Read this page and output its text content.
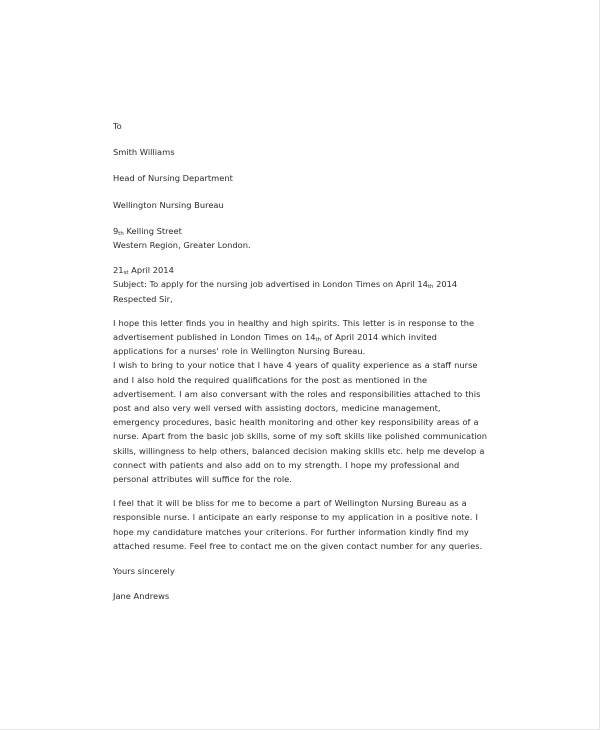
To
Smith Williams
Head of Nursing Department
Wellington Nursing Bureau
9th Kelling Street
Western Region, Greater London.
21st April 2014
Subject: To apply for the nursing job advertised in London Times on April 14th 2014
Respected Sir,
I hope this letter finds you in healthy and high spirits. This letter is in response to the advertisement published in London Times on 14th of April 2014 which invited applications for a nurses' role in Wellington Nursing Bureau.
I wish to bring to your notice that I have 4 years of quality experience as a staff nurse and I also hold the required qualifications for the post as mentioned in the advertisement. I am also conversant with the roles and responsibilities attached to this post and also very well versed with assisting doctors, medicine management, emergency procedures, basic health monitoring and other key responsibility areas of a nurse. Apart from the basic job skills, some of my soft skills like polished communication skills, willingness to help others, balanced decision making skills etc. help me develop a connect with patients and also add on to my strength. I hope my professional and personal attributes will suffice for the role.
I feel that it will be bliss for me to become a part of Wellington Nursing Bureau as a responsible nurse. I anticipate an early response to my application in a positive note. I hope my candidature matches your criterions. For further information kindly find my attached resume. Feel free to contact me on the given contact number for any queries.
Yours sincerely
Jane Andrews
